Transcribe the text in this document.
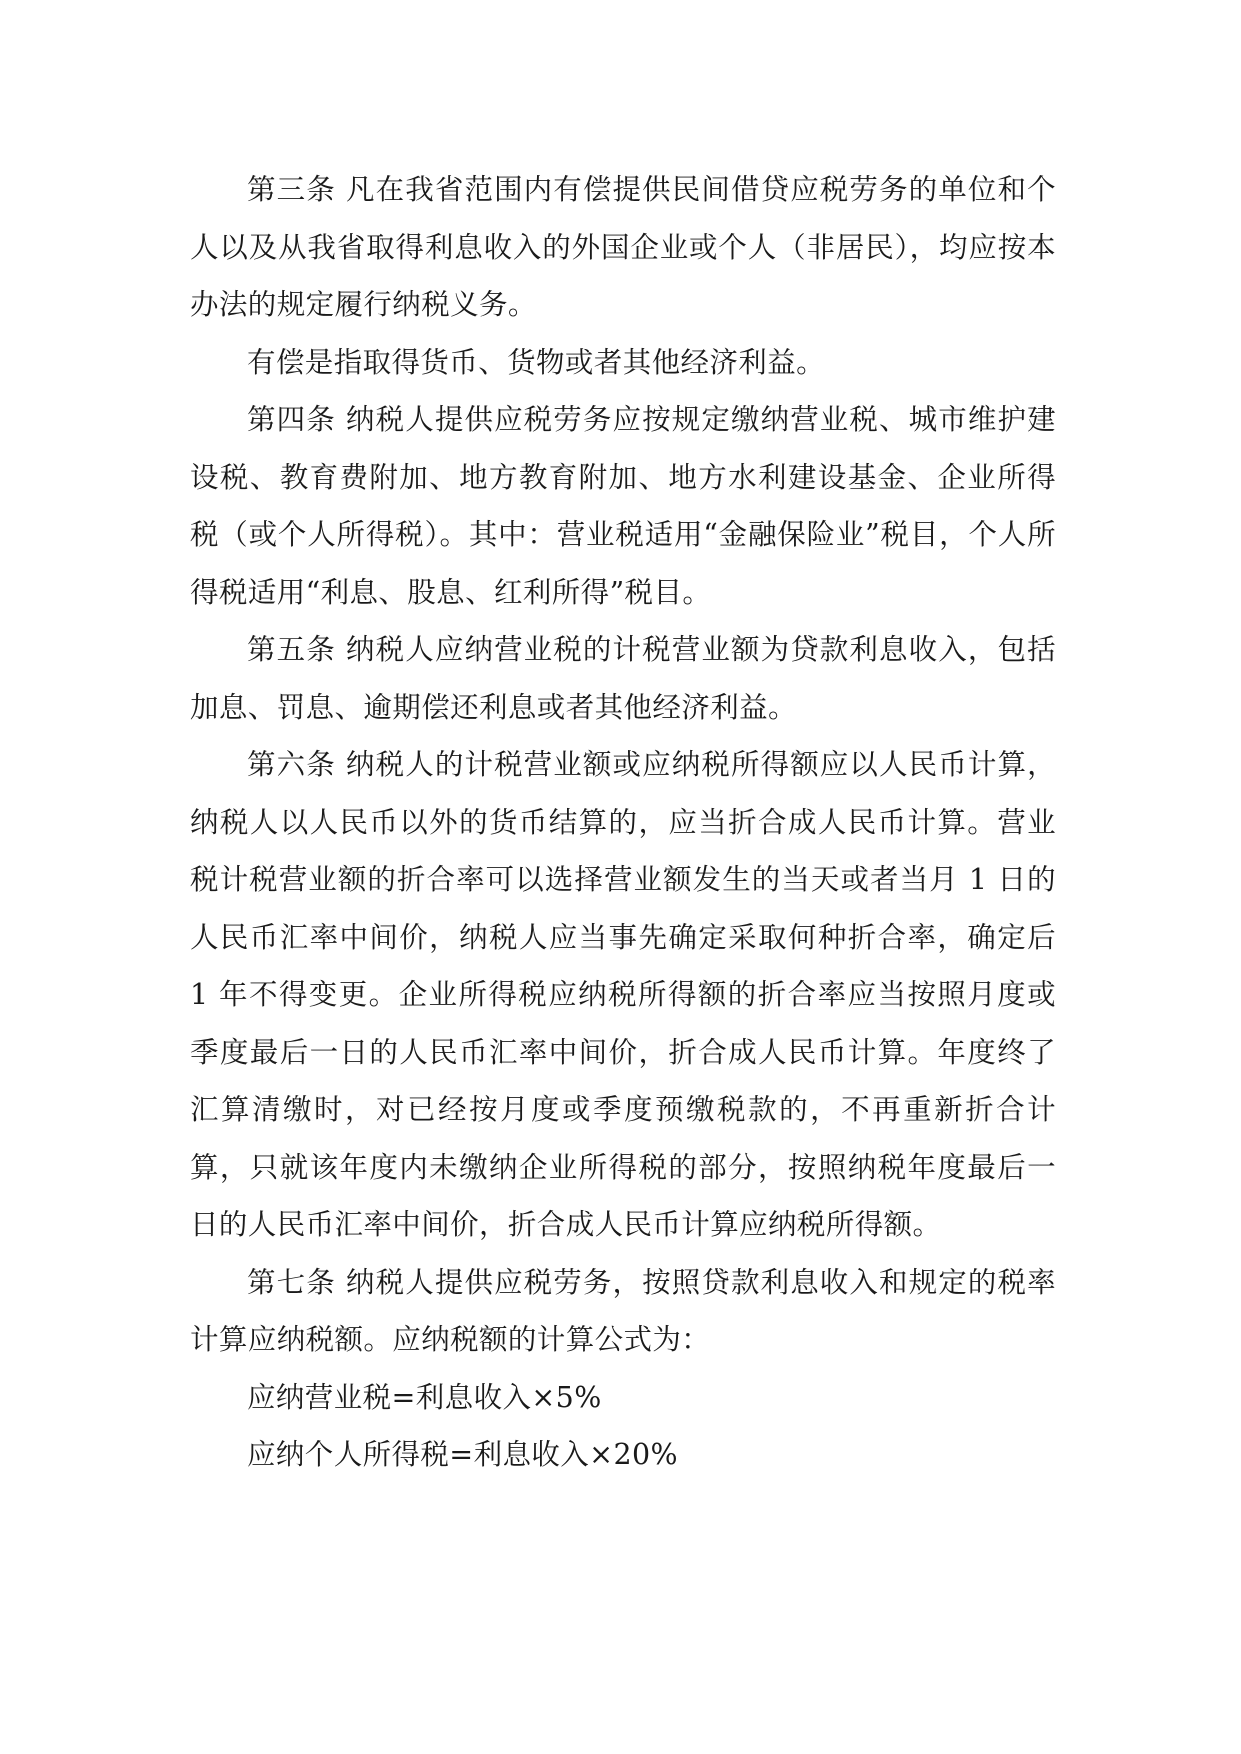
第三条 凡在我省范围内有偿提供民间借贷应税劳务的单位和个人以及从我省取得利息收入的外国企业或个人（非居民），均应按本办法的规定履行纳税义务。

有偿是指取得货币、货物或者其他经济利益。

第四条 纳税人提供应税劳务应按规定缴纳营业税、城市维护建设税、教育费附加、地方教育附加、地方水利建设基金、企业所得税（或个人所得税）。其中：营业税适用“金融保险业”税目，个人所得税适用“利息、股息、红利所得”税目。

第五条 纳税人应纳营业税的计税营业额为贷款利息收入，包括加息、罚息、逾期偿还利息或者其他经济利益。

第六条 纳税人的计税营业额或应纳税所得额应以人民币计算，纳税人以人民币以外的货币结算的，应当折合成人民币计算。营业税计税营业额的折合率可以选择营业额发生的当天或者当月 1 日的人民币汇率中间价，纳税人应当事先确定采取何种折合率，确定后 1 年不得变更。企业所得税应纳税所得额的折合率应当按照月度或季度最后一日的人民币汇率中间价，折合成人民币计算。年度终了汇算清缴时，对已经按月度或季度预缴税款的，不再重新折合计算，只就该年度内未缴纳企业所得税的部分，按照纳税年度最后一日的人民币汇率中间价，折合成人民币计算应纳税所得额。

第七条 纳税人提供应税劳务，按照贷款利息收入和规定的税率计算应纳税额。应纳税额的计算公式为：

应纳营业税=利息收入×5%

应纳个人所得税=利息收入×20%
